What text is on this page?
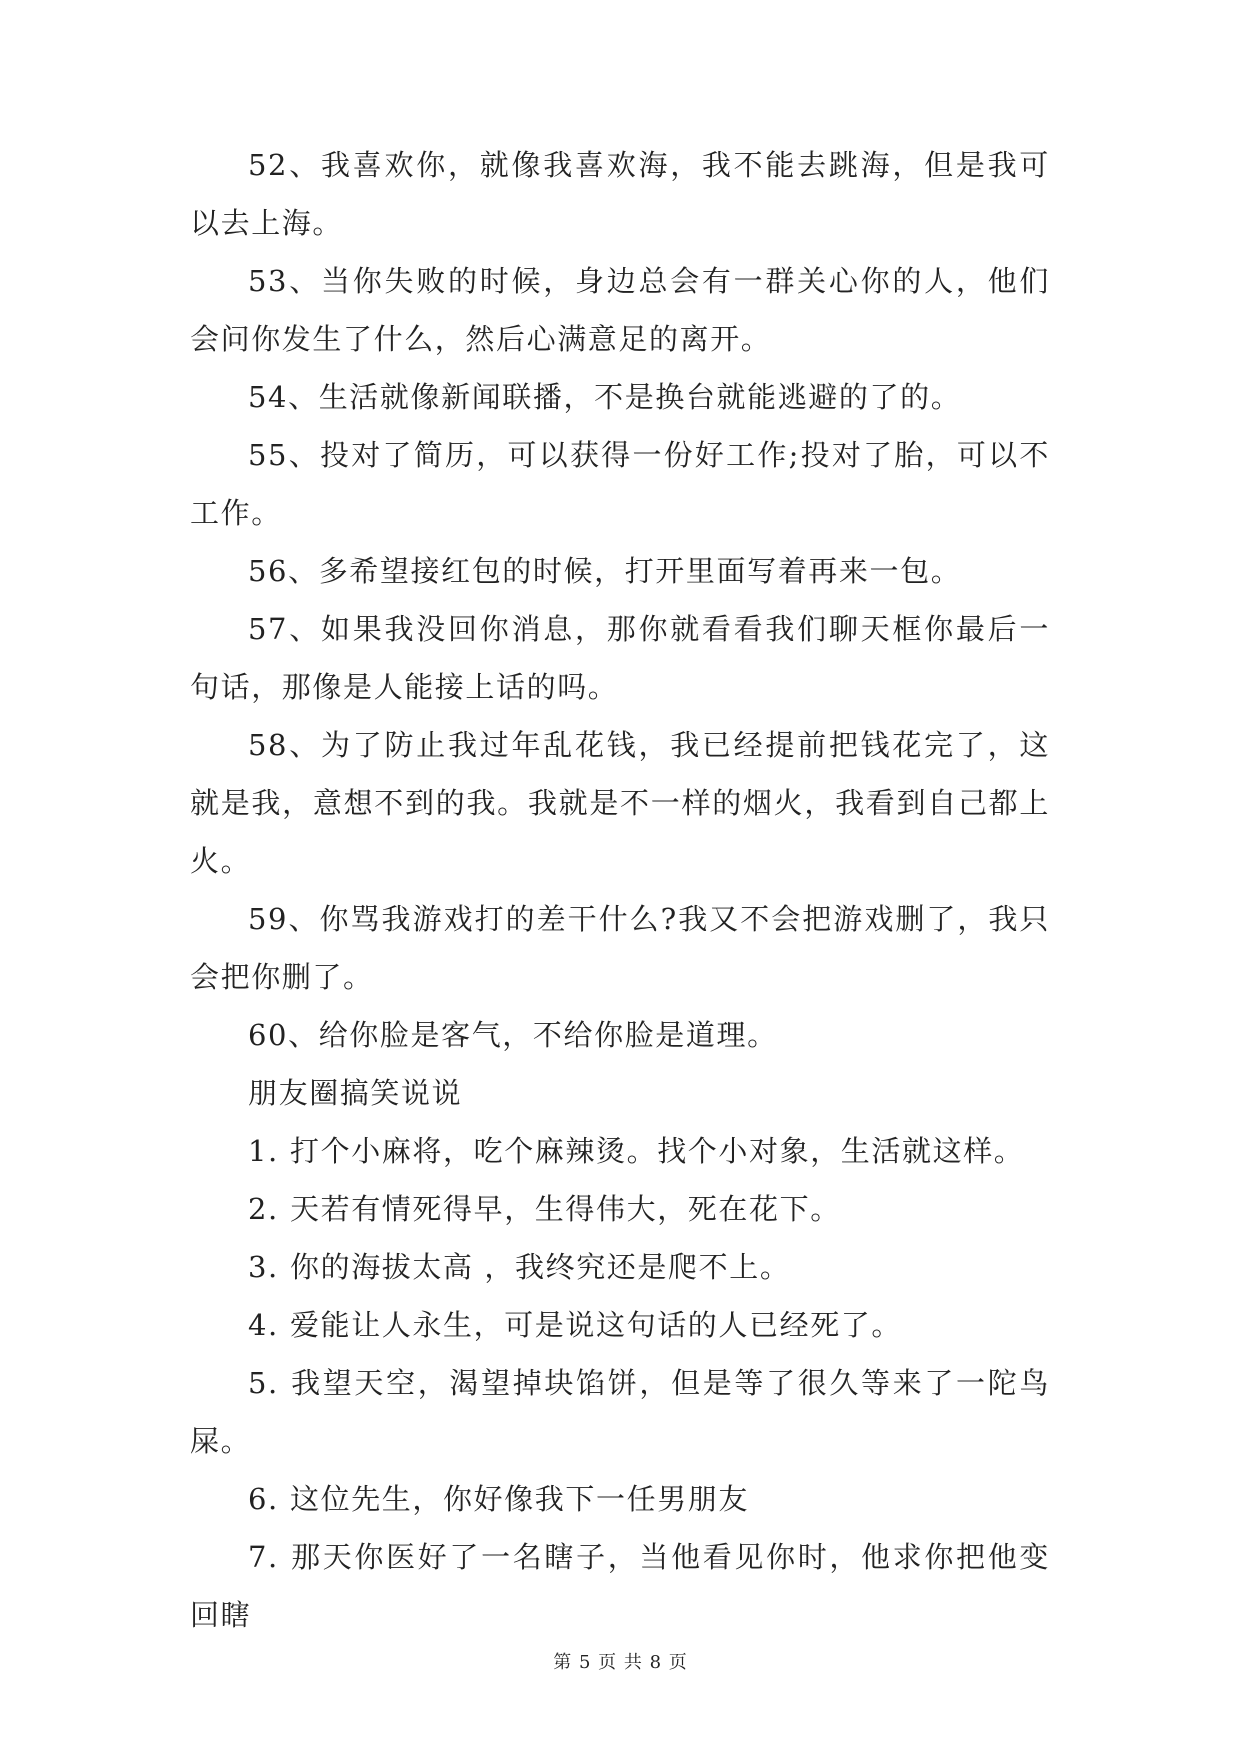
52、我喜欢你，就像我喜欢海，我不能去跳海，但是我可以去上海。

53、当你失败的时候，身边总会有一群关心你的人，他们会问你发生了什么，然后心满意足的离开。

54、生活就像新闻联播，不是换台就能逃避的了的。

55、投对了简历，可以获得一份好工作;投对了胎，可以不工作。

56、多希望接红包的时候，打开里面写着再来一包。

57、如果我没回你消息，那你就看看我们聊天框你最后一句话，那像是人能接上话的吗。

58、为了防止我过年乱花钱，我已经提前把钱花完了，这就是我，意想不到的我。我就是不一样的烟火，我看到自己都上火。

59、你骂我游戏打的差干什么?我又不会把游戏删了，我只会把你删了。

60、给你脸是客气，不给你脸是道理。

朋友圈搞笑说说

1. 打个小麻将，吃个麻辣烫。找个小对象，生活就这样。

2. 天若有情死得早，生得伟大，死在花下。

3. 你的海拔太高 ，我终究还是爬不上。

4. 爱能让人永生，可是说这句话的人已经死了。

5. 我望天空，渴望掉块馅饼，但是等了很久等来了一陀鸟屎。

6. 这位先生，你好像我下一任男朋友

7. 那天你医好了一名瞎子，当他看见你时，他求你把他变回瞎

第 5 页 共 8 页
